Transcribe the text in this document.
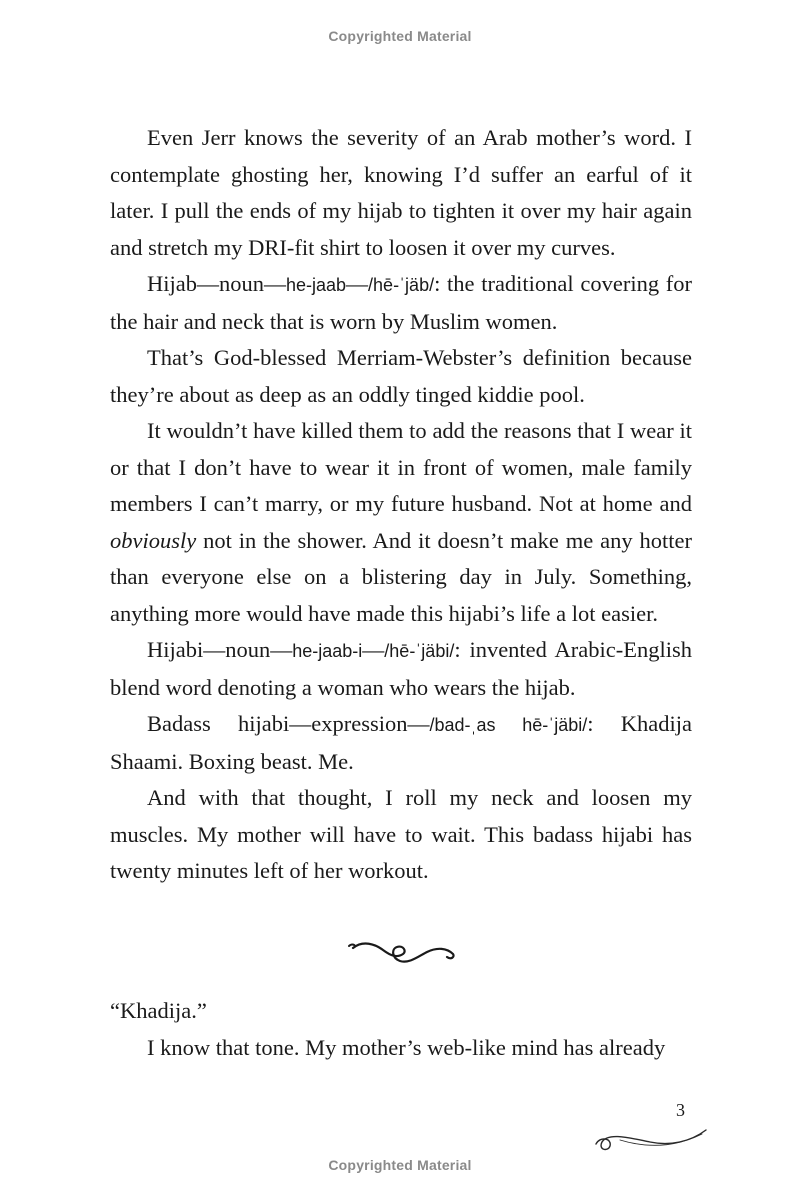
Copyrighted Material

Even Jerr knows the severity of an Arab mother’s word. I contemplate ghosting her, knowing I’d suffer an earful of it later. I pull the ends of my hijab to tighten it over my hair again and stretch my DRI-fit shirt to loosen it over my curves.

Hijab—noun—he-jaab—/hē-ˈjäb/: the traditional covering for the hair and neck that is worn by Muslim women.

That’s God-blessed Merriam-Webster’s definition because they’re about as deep as an oddly tinged kiddie pool.

It wouldn’t have killed them to add the reasons that I wear it or that I don’t have to wear it in front of women, male family members I can’t marry, or my future husband. Not at home and obviously not in the shower. And it doesn’t make me any hotter than everyone else on a blistering day in July. Something, anything more would have made this hijabi’s life a lot easier.

Hijabi—noun—he-jaab-i—/hē-ˈjäbi/: invented Arabic-English blend word denoting a woman who wears the hijab.

Badass hijabi—expression—/bad-ˌas hē-ˈjäbi/: Khadija Shaami. Boxing beast. Me.

And with that thought, I roll my neck and loosen my muscles. My mother will have to wait. This badass hijabi has twenty minutes left of her workout.

“Khadija.”

I know that tone. My mother’s web-like mind has already

3
Copyrighted Material
